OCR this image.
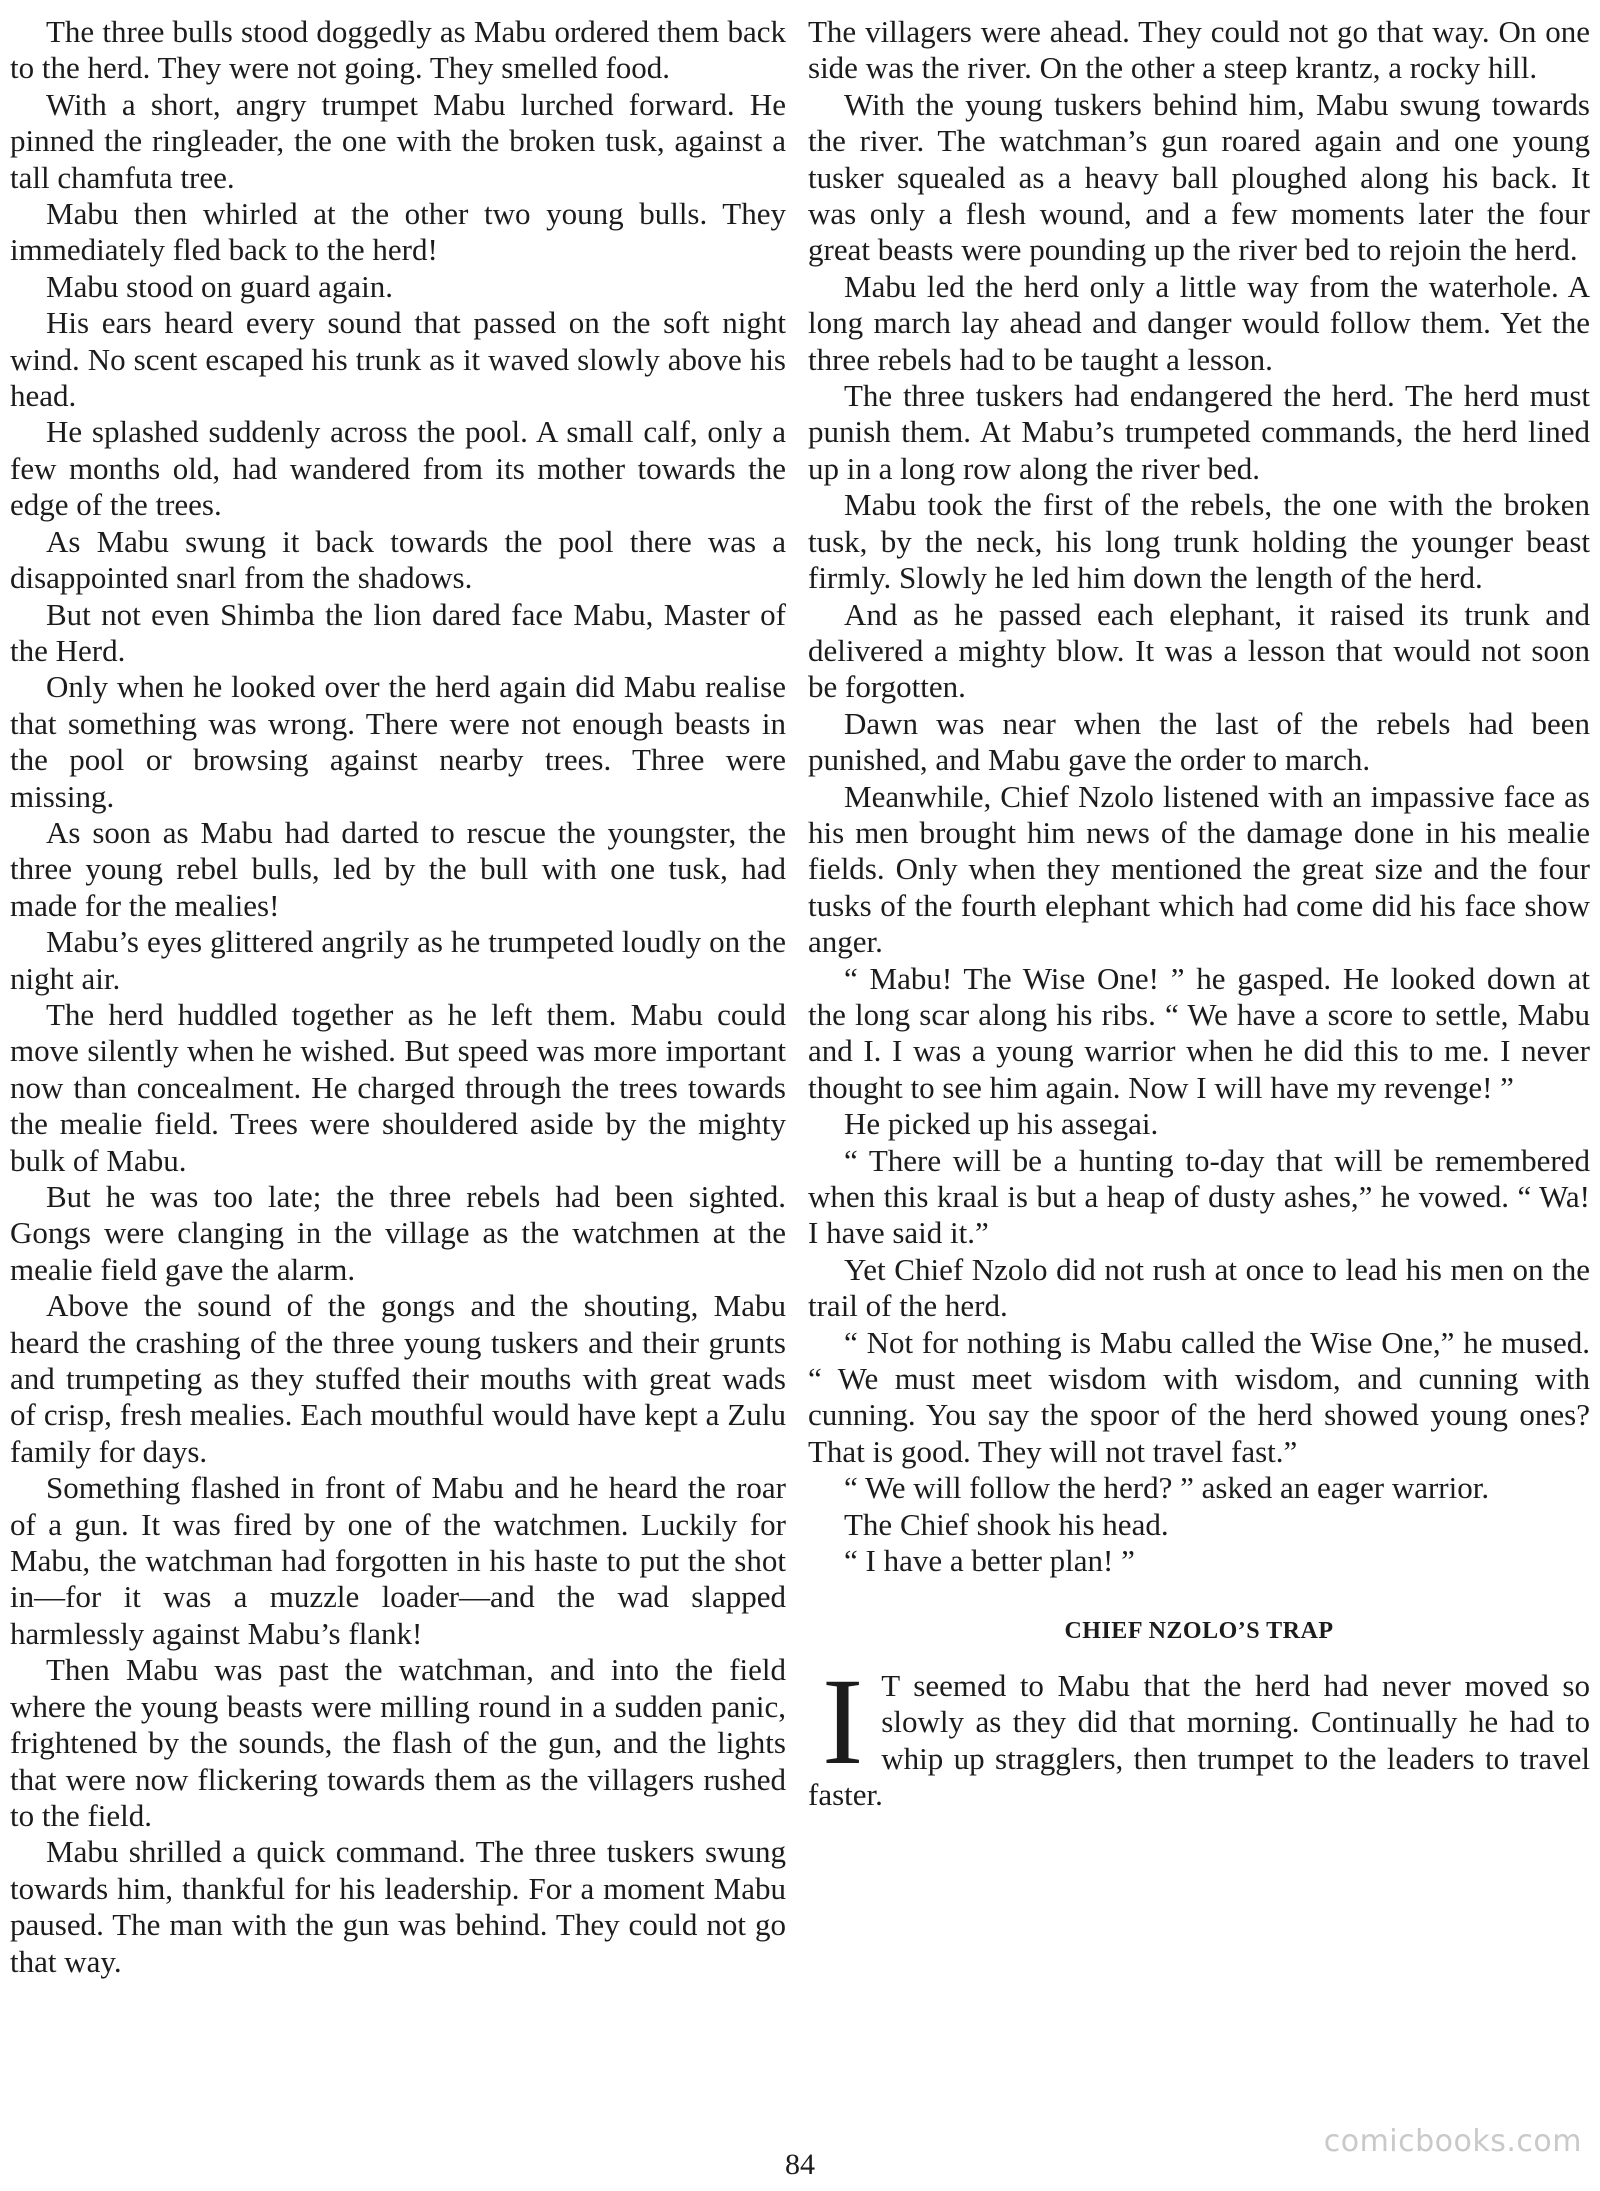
The three bulls stood doggedly as Mabu ordered them back to the herd. They were not going. They smelled food.

With a short, angry trumpet Mabu lurched forward. He pinned the ringleader, the one with the broken tusk, against a tall chamfuta tree.

Mabu then whirled at the other two young bulls. They immediately fled back to the herd!

Mabu stood on guard again.

His ears heard every sound that passed on the soft night wind. No scent escaped his trunk as it waved slowly above his head.

He splashed suddenly across the pool. A small calf, only a few months old, had wandered from its mother towards the edge of the trees.

As Mabu swung it back towards the pool there was a disappointed snarl from the shadows.

But not even Shimba the lion dared face Mabu, Master of the Herd.

Only when he looked over the herd again did Mabu realise that something was wrong. There were not enough beasts in the pool or browsing against nearby trees. Three were missing.

As soon as Mabu had darted to rescue the youngster, the three young rebel bulls, led by the bull with one tusk, had made for the mealies!

Mabu’s eyes glittered angrily as he trumpeted loudly on the night air.

The herd huddled together as he left them. Mabu could move silently when he wished. But speed was more important now than concealment. He charged through the trees towards the mealie field. Trees were shouldered aside by the mighty bulk of Mabu.

But he was too late; the three rebels had been sighted. Gongs were clanging in the village as the watchmen at the mealie field gave the alarm.

Above the sound of the gongs and the shouting, Mabu heard the crashing of the three young tuskers and their grunts and trumpeting as they stuffed their mouths with great wads of crisp, fresh mealies. Each mouthful would have kept a Zulu family for days.

Something flashed in front of Mabu and he heard the roar of a gun. It was fired by one of the watchmen. Luckily for Mabu, the watchman had forgotten in his haste to put the shot in—for it was a muzzle loader—and the wad slapped harmlessly against Mabu’s flank!

Then Mabu was past the watchman, and into the field where the young beasts were milling round in a sudden panic, frightened by the sounds, the flash of the gun, and the lights that were now flickering towards them as the villagers rushed to the field.

Mabu shrilled a quick command. The three tuskers swung towards him, thankful for his leadership. For a moment Mabu paused. The man with the gun was behind. They could not go that way.

The villagers were ahead. They could not go that way. On one side was the river. On the other a steep krantz, a rocky hill.

With the young tuskers behind him, Mabu swung towards the river. The watchman’s gun roared again and one young tusker squealed as a heavy ball ploughed along his back. It was only a flesh wound, and a few moments later the four great beasts were pounding up the river bed to rejoin the herd.

Mabu led the herd only a little way from the waterhole. A long march lay ahead and danger would follow them. Yet the three rebels had to be taught a lesson.

The three tuskers had endangered the herd. The herd must punish them. At Mabu’s trumpeted commands, the herd lined up in a long row along the river bed.

Mabu took the first of the rebels, the one with the broken tusk, by the neck, his long trunk holding the younger beast firmly. Slowly he led him down the length of the herd.

And as he passed each elephant, it raised its trunk and delivered a mighty blow. It was a lesson that would not soon be forgotten.

Dawn was near when the last of the rebels had been punished, and Mabu gave the order to march.

Meanwhile, Chief Nzolo listened with an impassive face as his men brought him news of the damage done in his mealie fields. Only when they mentioned the great size and the four tusks of the fourth elephant which had come did his face show anger.

“ Mabu! The Wise One! ” he gasped. He looked down at the long scar along his ribs. “ We have a score to settle, Mabu and I. I was a young warrior when he did this to me. I never thought to see him again. Now I will have my revenge! ”

He picked up his assegai.

“ There will be a hunting to-day that will be remembered when this kraal is but a heap of dusty ashes,” he vowed. “ Wa! I have said it.”

Yet Chief Nzolo did not rush at once to lead his men on the trail of the herd.

“ Not for nothing is Mabu called the Wise One,” he mused. “ We must meet wisdom with wisdom, and cunning with cunning. You say the spoor of the herd showed young ones? That is good. They will not travel fast.”

“ We will follow the herd? ” asked an eager warrior.

The Chief shook his head.

“ I have a better plan! ”

CHIEF NZOLO’S TRAP

I T seemed to Mabu that the herd had never moved so slowly as they did that morning. Continually he had to whip up stragglers, then trumpet to the leaders to travel faster.

84
comicbooks.com
